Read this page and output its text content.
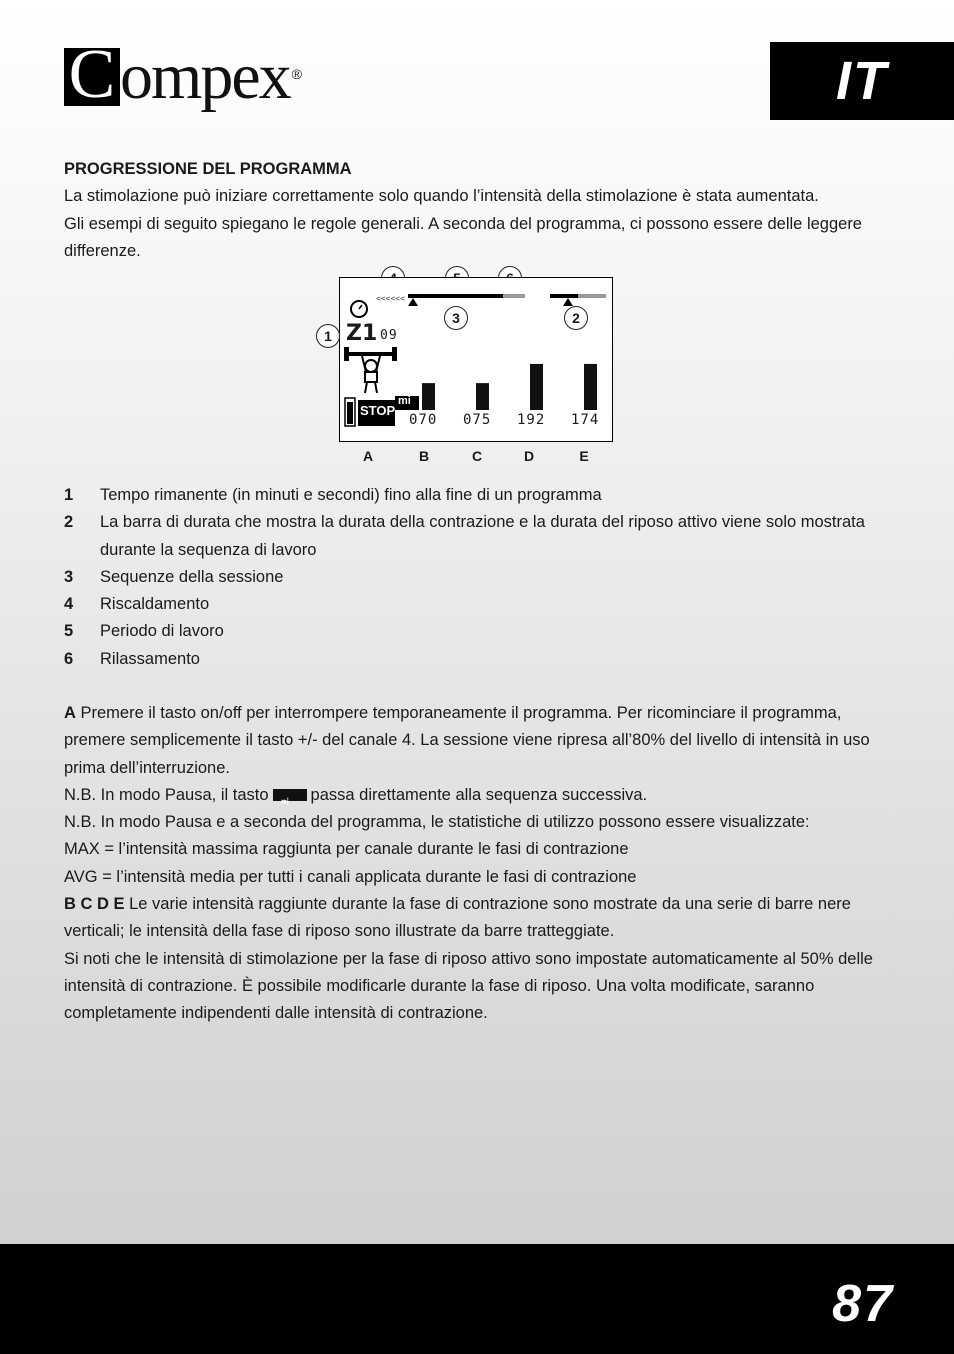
C ompex ®	IT

PROGRESSIONE DEL PROGRAMMA

La stimolazione può iniziare correttamente solo quando l’intensità della stimolazione è stata aumentata.

Gli esempi di seguito spiegano le regole generali. A seconda del programma, ci possono essere delle leggere differenze.

<<<<<<
Z1 09
STOP
mi
070 075 192 174
3	2
1
A	B	C	D	E
1	Tempo rimanente (in minuti e secondi) fino alla fine di un programma
2	La barra di durata che mostra la durata della contrazione e la durata del riposo attivo viene solo mostrata durante la sequenza di lavoro
3	Sequenze della sessione
4	Riscaldamento
5	Periodo di lavoro
6	Rilassamento

A Premere il tasto on/off per interrompere temporaneamente il programma. Per ricominciare il programma, premere semplicemente il tasto +/- del canale 4. La sessione viene ripresa all’80% del livello di intensità in uso prima dell’interruzione.

N.B. In modo Pausa, il tasto▸▸|	passa direttamente alla sequenza successiva.

N.B. In modo Pausa e a seconda del programma, le statistiche di utilizzo possono essere visualizzate:

MAX = l’intensità massima raggiunta per canale durante le fasi di contrazione

AVG = l’intensità media per tutti i canali applicata durante le fasi di contrazione

B C D E Le varie intensità raggiunte durante la fase di contrazione sono mostrate da una serie di barre nere verticali; le intensità della fase di riposo sono illustrate da barre tratteggiate.

Si noti che le intensità di stimolazione per la fase di riposo attivo sono impostate automaticamente al 50% delle intensità di contrazione. È possibile modificarle durante la fase di riposo. Una volta modificate, saranno completamente indipendenti dalle intensità di contrazione.

87
